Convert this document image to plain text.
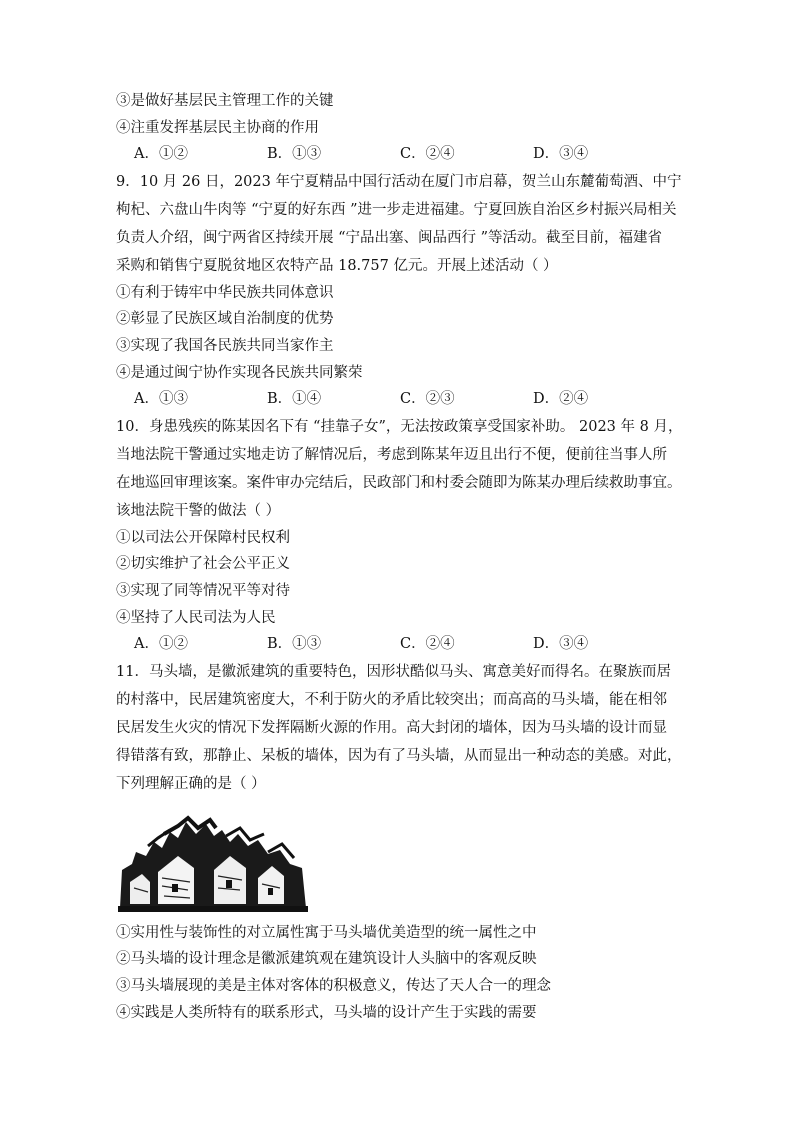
③是做好基层民主管理工作的关键
④注重发挥基层民主协商的作用
A．①②	B．①③	C．②④	D．③④
9．10 月 26 日，2023 年宁夏精品中国行活动在厦门市启幕，贺兰山东麓葡萄酒、中宁
枸杞、六盘山牛肉等 “宁夏的好东西 ”进一步走进福建。宁夏回族自治区乡村振兴局相关
负责人介绍，闽宁两省区持续开展 “宁品出塞、闽品西行 ”等活动。截至目前，福建省
采购和销售宁夏脱贫地区农特产品 18.757 亿元。开展上述活动（ ）
①有利于铸牢中华民族共同体意识
②彰显了民族区域自治制度的优势
③实现了我国各民族共同当家作主
④是通过闽宁协作实现各民族共同繁荣
A．①③	B．①④	C．②③	D．②④
10．身患残疾的陈某因名下有 “挂靠子女”，无法按政策享受国家补助。 2023 年 8 月，
当地法院干警通过实地走访了解情况后，考虑到陈某年迈且出行不便，便前往当事人所
在地巡回审理该案。案件审办完结后，民政部门和村委会随即为陈某办理后续救助事宜。
该地法院干警的做法（ ）
①以司法公开保障村民权利
②切实维护了社会公平正义
③实现了同等情况平等对待
④坚持了人民司法为人民
A．①②	B．①③	C．②④	D．③④
11．马头墙，是徽派建筑的重要特色，因形状酷似马头、寓意美好而得名。在聚族而居
的村落中，民居建筑密度大，不利于防火的矛盾比较突出；而高高的马头墙，能在相邻
民居发生火灾的情况下发挥隔断火源的作用。高大封闭的墙体，因为马头墙的设计而显
得错落有致，那静止、呆板的墙体，因为有了马头墙，从而显出一种动态的美感。对此，
下列理解正确的是（ ）
①实用性与装饰性的对立属性寓于马头墙优美造型的统一属性之中
②马头墙的设计理念是徽派建筑观在建筑设计人头脑中的客观反映
③马头墙展现的美是主体对客体的积极意义，传达了天人合一的理念
④实践是人类所特有的联系形式，马头墙的设计产生于实践的需要
